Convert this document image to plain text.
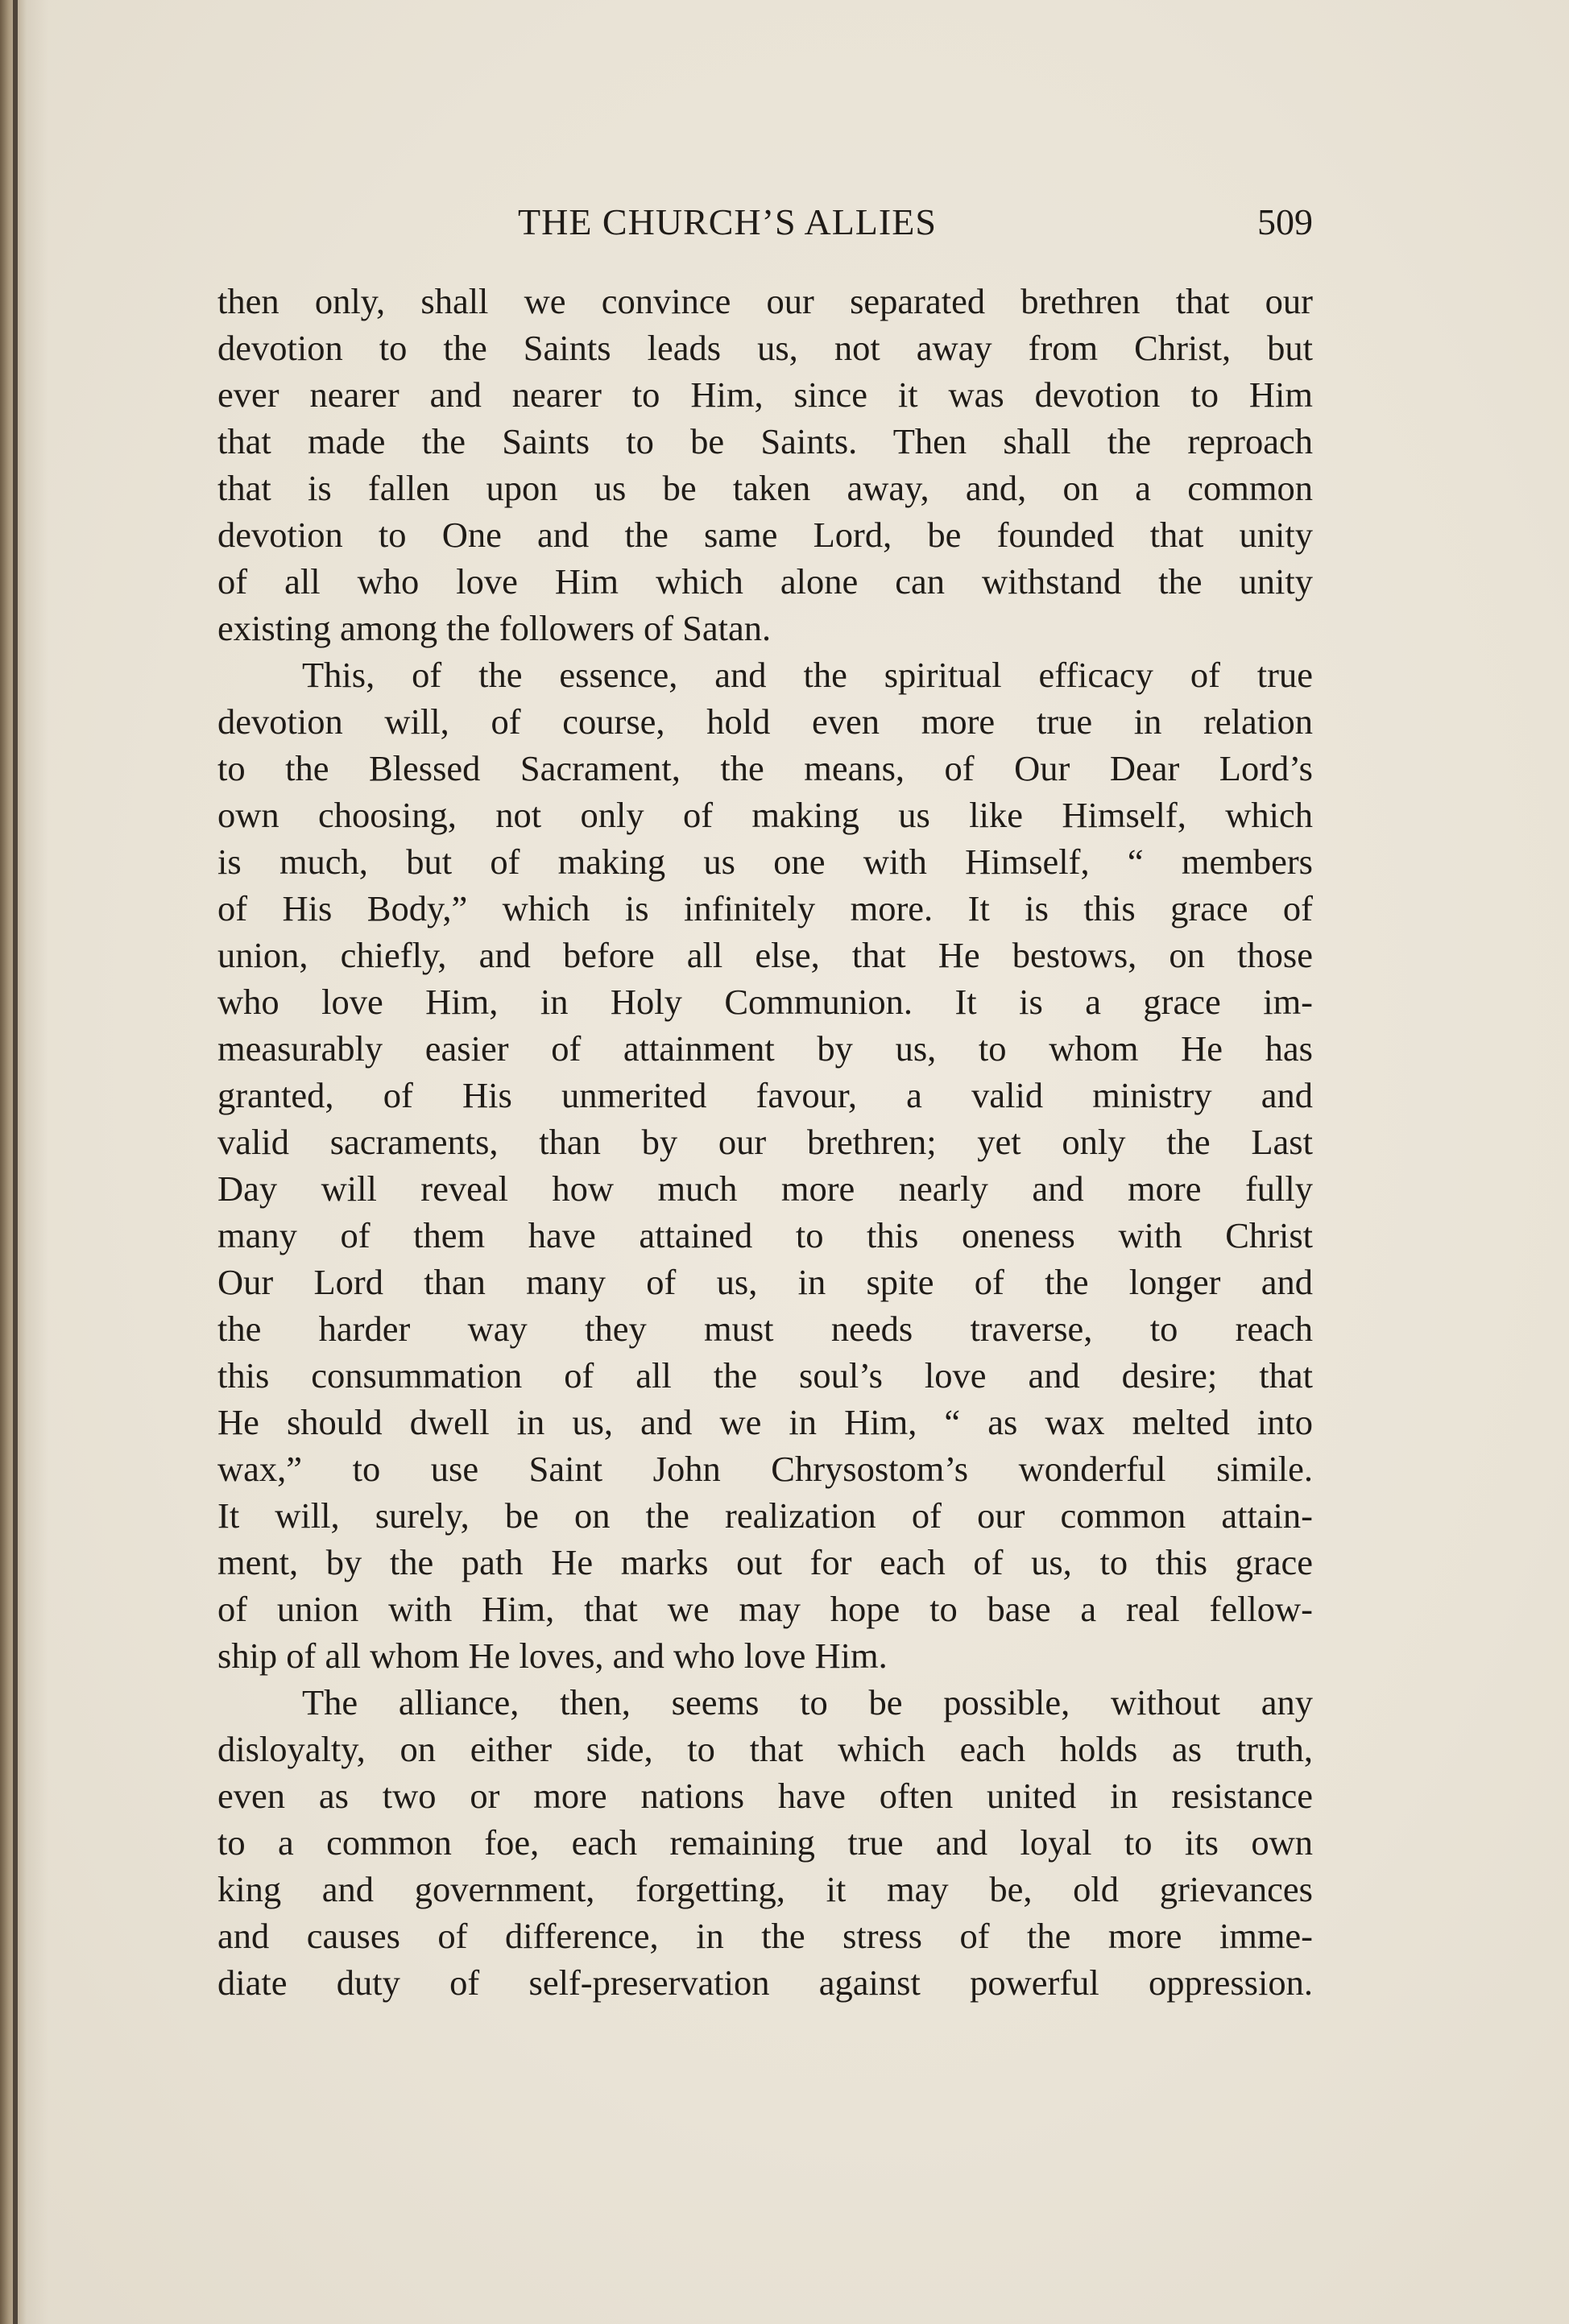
THE CHURCH’S ALLIES	509
then only, shall we convince our separated brethren that our
devotion to the Saints leads us, not away from Christ, but
ever nearer and nearer to Him, since it was devotion to Him
that made the Saints to be Saints. Then shall the reproach
that is fallen upon us be taken away, and, on a common
devotion to One and the same Lord, be founded that unity
of all who love Him which alone can withstand the unity
existing among the followers of Satan.
This, of the essence, and the spiritual efficacy of true
devotion will, of course, hold even more true in relation
to the Blessed Sacrament, the means, of Our Dear Lord’s
own choosing, not only of making us like Himself, which
is much, but of making us one with Himself, “ members
of His Body,” which is infinitely more. It is this grace of
union, chiefly, and before all else, that He bestows, on those
who love Him, in Holy Communion. It is a grace im-
measurably easier of attainment by us, to whom He has
granted, of His unmerited favour, a valid ministry and
valid sacraments, than by our brethren; yet only the Last
Day will reveal how much more nearly and more fully
many of them have attained to this oneness with Christ
Our Lord than many of us, in spite of the longer and
the harder way they must needs traverse, to reach
this consummation of all the soul’s love and desire; that
He should dwell in us, and we in Him, “ as wax melted into
wax,” to use Saint John Chrysostom’s wonderful simile.
It will, surely, be on the realization of our common attain-
ment, by the path He marks out for each of us, to this grace
of union with Him, that we may hope to base a real fellow-
ship of all whom He loves, and who love Him.
The alliance, then, seems to be possible, without any
disloyalty, on either side, to that which each holds as truth,
even as two or more nations have often united in resistance
to a common foe, each remaining true and loyal to its own
king and government, forgetting, it may be, old grievances
and causes of difference, in the stress of the more imme-
diate duty of self-preservation against powerful oppression.
